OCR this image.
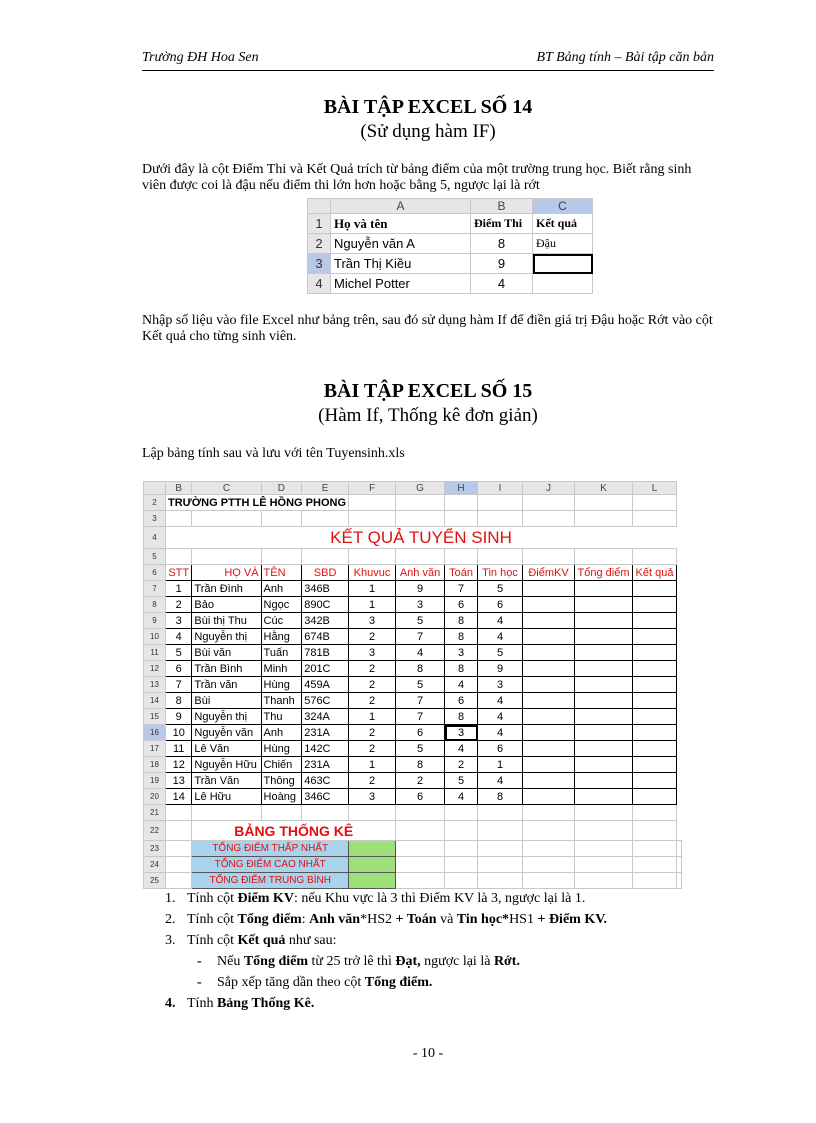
Trường ĐH Hoa Sen	BT Bảng tính – Bài tập căn bản
BÀI TẬP EXCEL SỐ 14
(Sử dụng hàm IF)
Dưới đây là cột Điểm Thi và Kết Quả trích từ bảng điểm của một trường trung học. Biết rằng sinh viên được coi là đậu nếu điểm thi lớn hơn hoặc bằng 5, ngược lại là rớt
	A	B	C
1	Họ và tên	Điểm Thi	Kết quả
2	Nguyễn văn A	8	Đậu
3	Trần Thị Kiều	9	
4	Michel Potter	4	
Nhập số liệu vào file Excel như bảng trên, sau đó sử dụng hàm If để điền giá trị Đậu hoặc Rớt vào cột Kết quả cho từng sinh viên.
BÀI TẬP EXCEL SỐ 15
(Hàm If, Thống kê đơn giản)
Lập bảng tính sau và lưu với tên Tuyensinh.xls
	B	C	D	E	F	G	H	I	J	K	L	
2	TRƯỜNG PTTH LÊ HỒNG PHONG											
3												
4	KẾT QUẢ TUYỂN SINH											
5												
6	STT	HỌ VÀ	TÊN	SBD	Khuvuc	Anh văn	Toán	Tin học	ĐiểmKV	Tổng điểm	Kết quả	
7	1	Trần Đình	Anh	346B	1	9	7	5				
8	2	Bảo	Ngọc	890C	1	3	6	6				
9	3	Bùi thị Thu	Cúc	342B	3	5	8	4				
10	4	Nguyễn thị	Hằng	674B	2	7	8	4				
11	5	Bùi văn	Tuấn	781B	3	4	3	5				
12	6	Trần Bình	Minh	201C	2	8	8	9				
13	7	Trần văn	Hùng	459A	2	5	4	3				
14	8	Bùi	Thanh	576C	2	7	6	4				
15	9	Nguyễn thị	Thu	324A	1	7	8	4				
16	10	Nguyễn văn	Anh	231A	2	6	3	4				
17	11	Lê Văn	Hùng	142C	2	5	4	6				
18	12	Nguyễn Hữu	Chiến	231A	1	8	2	1				
19	13	Trần Văn	Thông	463C	2	2	5	4				
20	14	Lê Hữu	Hoàng	346C	3	6	4	8				
21												
22		BẢNG THỐNG KÊ										
23		TỔNG ĐIỂM THẤP NHẤT										
24		TỔNG ĐIỂM CAO NHẤT										
25		TỔNG ĐIỂM TRUNG BÌNH										
1. Tính cột Điểm KV: nếu Khu vực là 3 thì Điểm KV là 3, ngược lại là 1.
2. Tính cột Tổng điểm: Anh văn*HS2 + Toán và Tin học*HS1 + Điểm KV.
3. Tính cột Kết quả như sau:
- Nếu Tổng điểm từ 25 trở lê thì Đạt, ngược lại là Rớt.
- Sắp xếp tăng dần theo cột Tổng điểm.
4. Tính Bảng Thống Kê.
- 10 -
